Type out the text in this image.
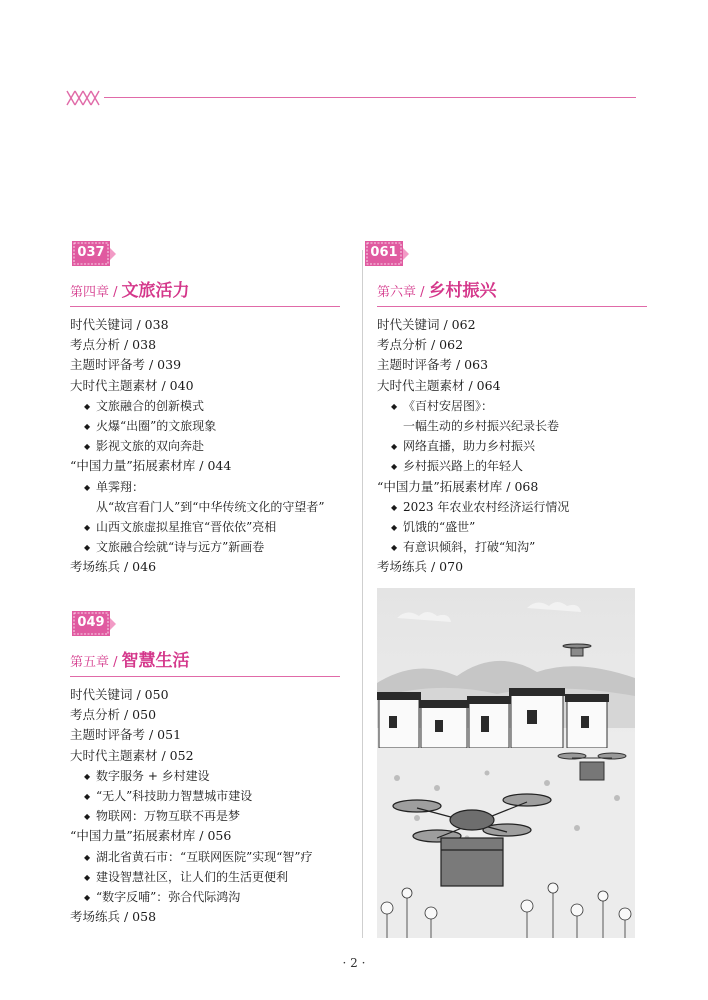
037
第四章 / 文旅活力
时代关键词 / 038
考点分析 / 038
主题时评备考 / 039
大时代主题素材 / 040
◆ 文旅融合的创新模式
◆ 火爆“出圈”的文旅现象
◆ 影视文旅的双向奔赴
“中国力量”拓展素材库 / 044
◆ 单霁翔：
从“故宫看门人”到“中华传统文化的守望者”
◆ 山西文旅虚拟星推官“晋依依”亮相
◆ 文旅融合绘就“诗与远方”新画卷
考场练兵 / 046
049
第五章 / 智慧生活
时代关键词 / 050
考点分析 / 050
主题时评备考 / 051
大时代主题素材 / 052
◆ 数字服务 + 乡村建设
◆ “无人”科技助力智慧城市建设
◆ 物联网：万物互联不再是梦
“中国力量”拓展素材库 / 056
◆ 湖北省黄石市：“互联网医院”实现“智”疗
◆ 建设智慧社区，让人们的生活更便利
◆ “数字反哺”：弥合代际鸿沟
考场练兵 / 058
061
第六章 / 乡村振兴
时代关键词 / 062
考点分析 / 062
主题时评备考 / 063
大时代主题素材 / 064
◆ 《百村安居图》：
一幅生动的乡村振兴纪录长卷
◆ 网络直播，助力乡村振兴
◆ 乡村振兴路上的年轻人
“中国力量”拓展素材库 / 068
◆ 2023 年农业农村经济运行情况
◆ 饥饿的“盛世”
◆ 有意识倾斜，打破“知沟”
考场练兵 / 070
· 2 ·
